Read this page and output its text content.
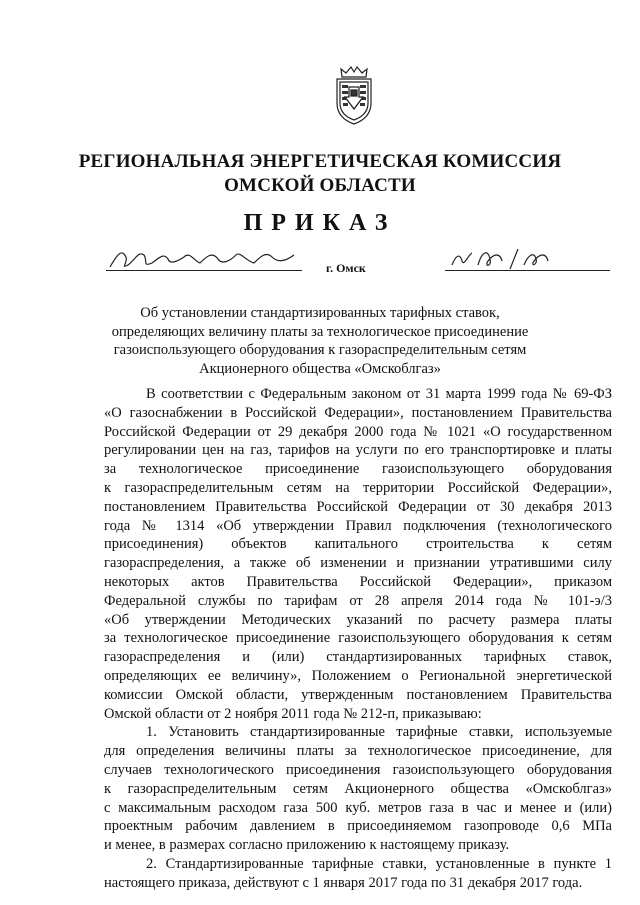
РЕГИОНАЛЬНАЯ ЭНЕРГЕТИЧЕСКАЯ КОМИССИЯ
ОМСКОЙ ОБЛАСТИ
ПРИКАЗ
г. Омск
Об установлении стандартизированных тарифных ставок,
определяющих величину платы за технологическое присоединение
газоиспользующего оборудования к газораспределительным сетям
Акционерного общества «Омскоблгаз»
В соответствии с Федеральным законом от 31 марта 1999 года № 69-ФЗ
«О газоснабжении в Российской Федерации», постановлением Правительства
Российской Федерации от 29 декабря 2000 года № 1021 «О государственном
регулировании цен на газ, тарифов на услуги по его транспортировке и платы
за технологическое присоединение газоиспользующего оборудования
к газораспределительным сетям на территории Российской Федерации»,
постановлением Правительства Российской Федерации от 30 декабря 2013
года № 1314 «Об утверждении Правил подключения (технологического
присоединения) объектов капитального строительства к сетям
газораспределения, а также об изменении и признании утратившими силу
некоторых актов Правительства Российской Федерации», приказом
Федеральной службы по тарифам от 28 апреля 2014 года № 101-э/3
«Об утверждении Методических указаний по расчету размера платы
за технологическое присоединение газоиспользующего оборудования к сетям
газораспределения и (или) стандартизированных тарифных ставок,
определяющих ее величину», Положением о Региональной энергетической
комиссии Омской области, утвержденным постановлением Правительства
Омской области от 2 ноября 2011 года № 212-п, приказываю:
1. Установить стандартизированные тарифные ставки, используемые
для определения величины платы за технологическое присоединение, для
случаев технологического присоединения газоиспользующего оборудования
к газораспределительным сетям Акционерного общества «Омскоблгаз»
с максимальным расходом газа 500 куб. метров газа в час и менее и (или)
проектным рабочим давлением в присоединяемом газопроводе 0,6 МПа
и менее, в размерах согласно приложению к настоящему приказу.
2. Стандартизированные тарифные ставки, установленные в пункте 1
настоящего приказа, действуют с 1 января 2017 года по 31 декабря 2017 года.
